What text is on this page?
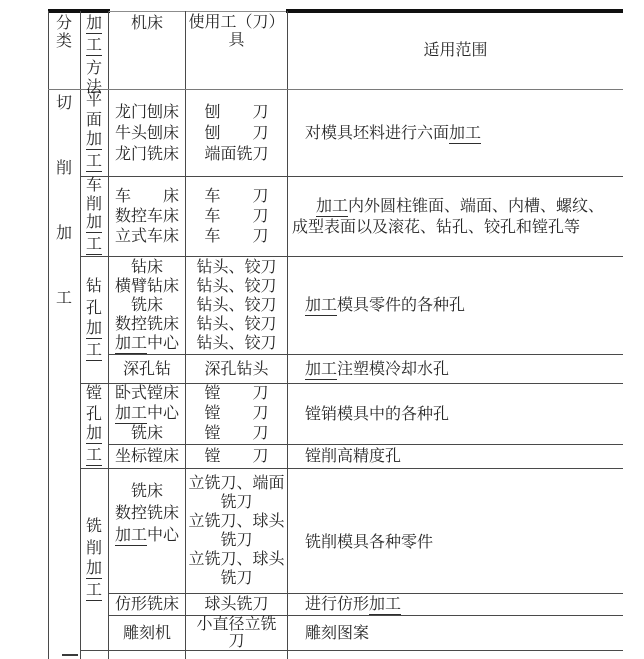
分
类
加
工
方
法
机床 使用工（刀）
具
适用范围
切
削
加
工
平
面
加
工
龙门刨床
牛头刨床
龙门铣床
刨　　刀
刨　　刀
端面铣刀
对模具坯料进行六面加工
车
削
加
工
车　　床
数控车床
立式车床
车　　刀
车　　刀
车　　刀
加工内外圆柱锥面、端面、内槽、螺纹、
成型表面以及滚花、钻孔、铰孔和镗孔等
钻
孔
加
工
钻床
横臂钻床
铣床
数控铣床
加工中心
钻头、铰刀
钻头、铰刀
钻头、铰刀
钻头、铰刀
钻头、铰刀
加工模具零件的各种孔
深孔钻 深孔钻头 加工注塑模冷却水孔
镗
孔
加
工
卧式镗床
加工中心
铣床
镗　　刀
镗　　刀
镗　　刀
镗销模具中的各种孔
坐标镗床 镗　　刀 镗削高精度孔
铣
削
加
工
铣床
数控铣床
加工中心
立铣刀、端面
铣刀
立铣刀、球头
铣刀
立铣刀、球头
铣刀
铣削模具各种零件
仿形铣床 球头铣刀 进行仿形加工
雕刻机 小直径立铣
刀	雕刻图案
